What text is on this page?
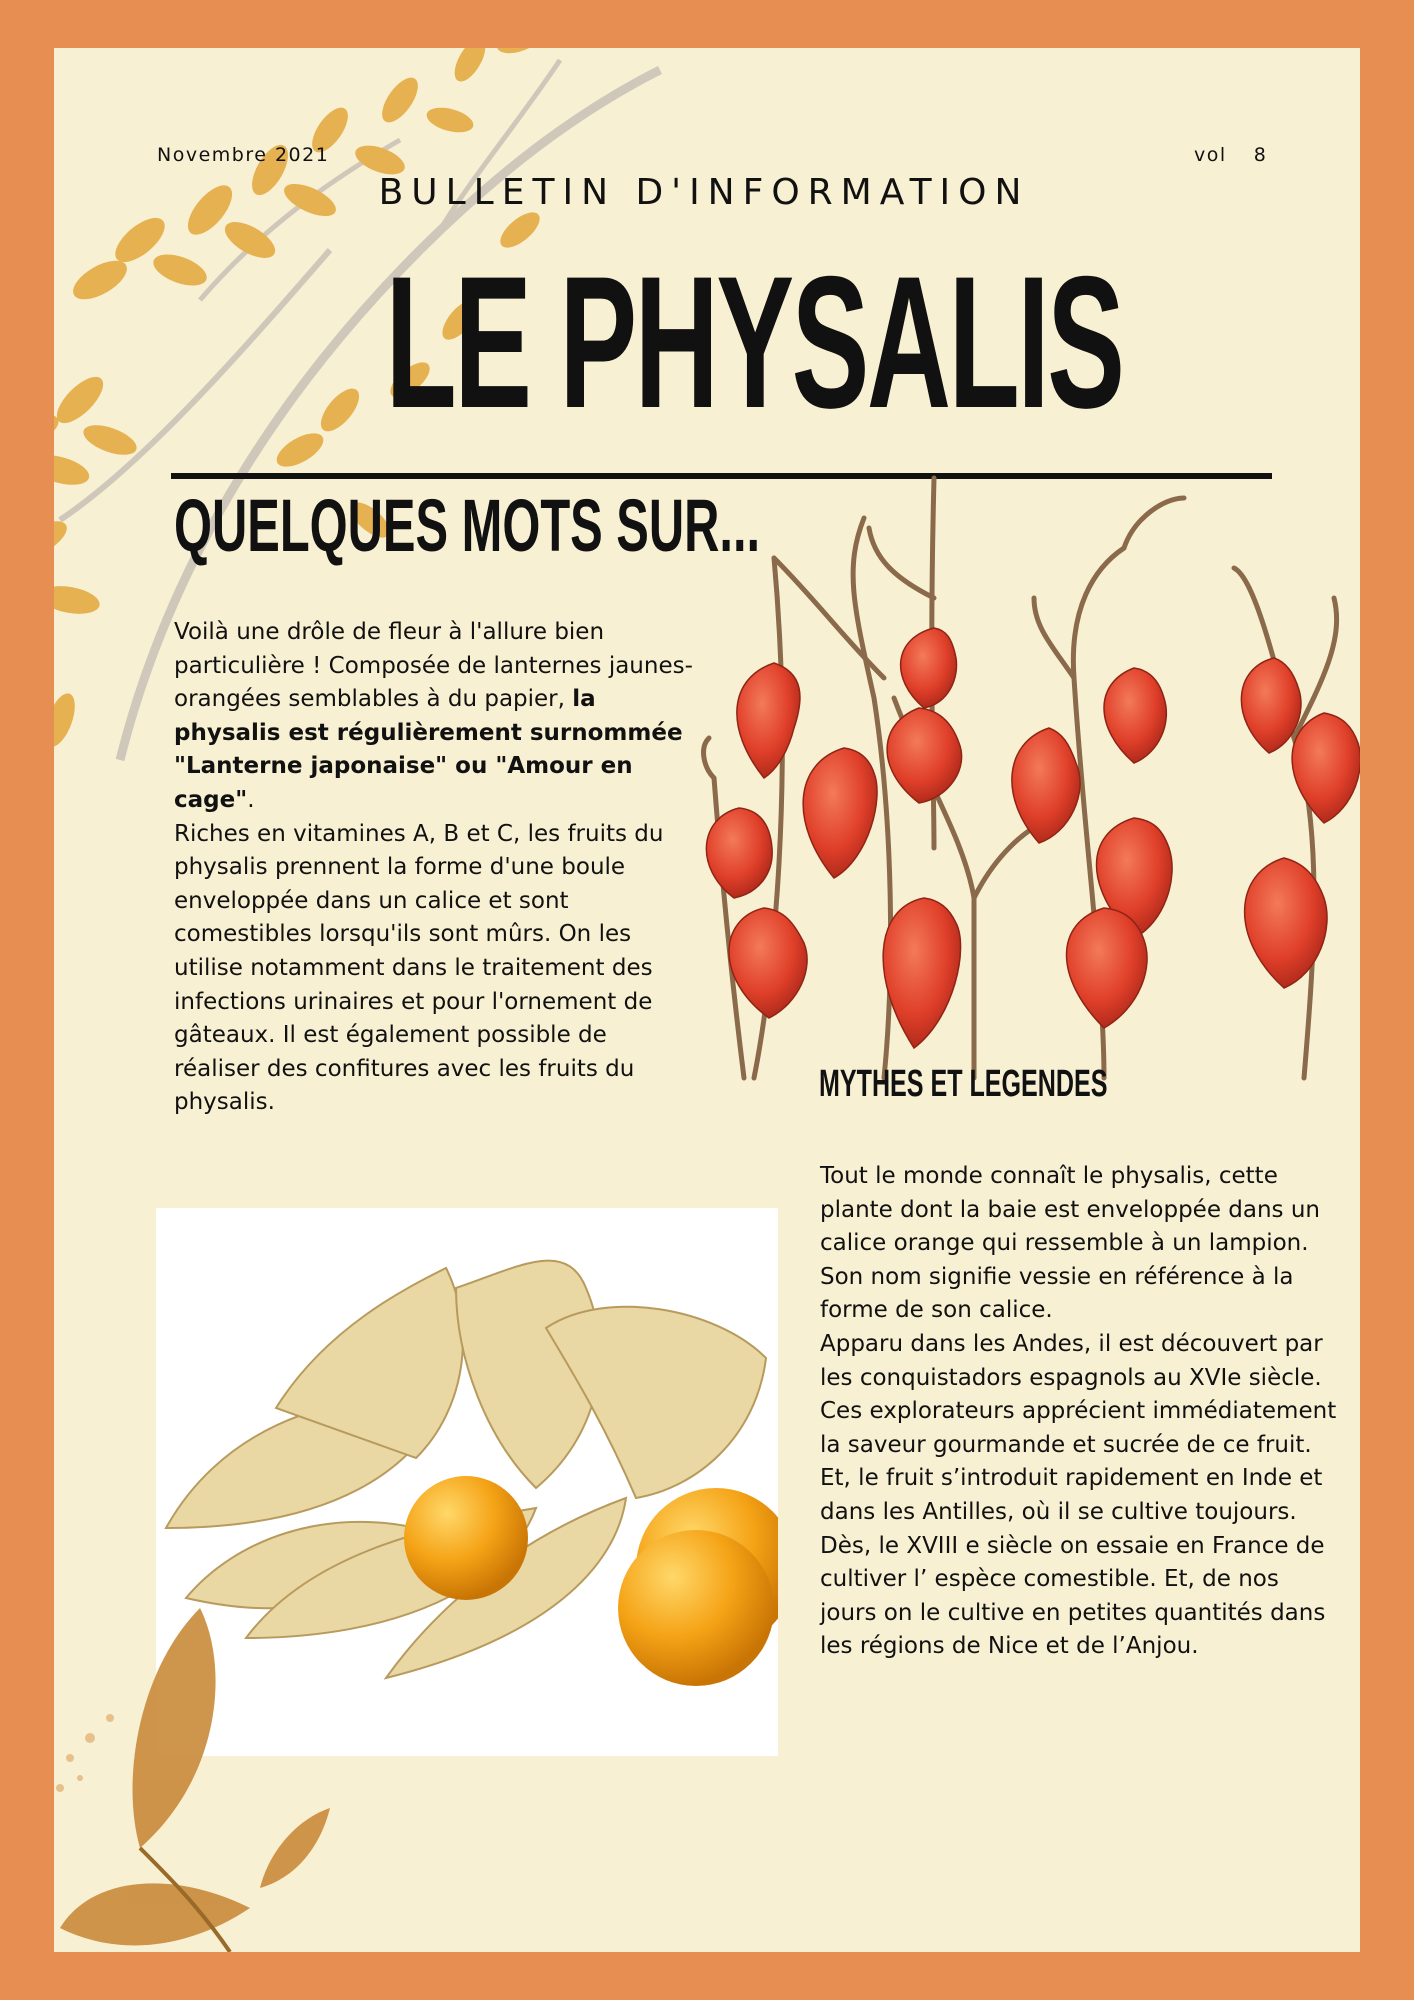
Novembre 2021	vol  8
BULLETIN D'INFORMATION
LE PHYSALIS
QUELQUES MOTS SUR...
Voilà une drôle de fleur à l'allure bien particulière ! Composée de lanternes jaunes-orangées semblables à du papier, la physalis est régulièrement surnommée "Lanterne japonaise" ou "Amour en cage".
Riches en vitamines A, B et C, les fruits du physalis prennent la forme d'une boule enveloppée dans un calice et sont comestibles lorsqu'ils sont mûrs. On les utilise notamment dans le traitement des infections urinaires et pour l'ornement de gâteaux. Il est également possible de réaliser des confitures avec les fruits du physalis.	MYTHES ET LEGENDES
Tout le monde connaît le physalis, cette plante dont la baie est enveloppée dans un calice orange qui ressemble à un lampion. Son nom signifie vessie en référence à la forme de son calice.
Apparu dans les Andes, il est découvert par les conquistadors espagnols au XVIe siècle. Ces explorateurs apprécient immédiatement la saveur gourmande et sucrée de ce fruit. Et, le fruit s’introduit rapidement en Inde et dans les Antilles, où il se cultive toujours.
Dès, le XVIII e siècle on essaie en France de cultiver l’ espèce comestible. Et, de nos jours on le cultive en petites quantités dans les régions de Nice et de l’Anjou.
